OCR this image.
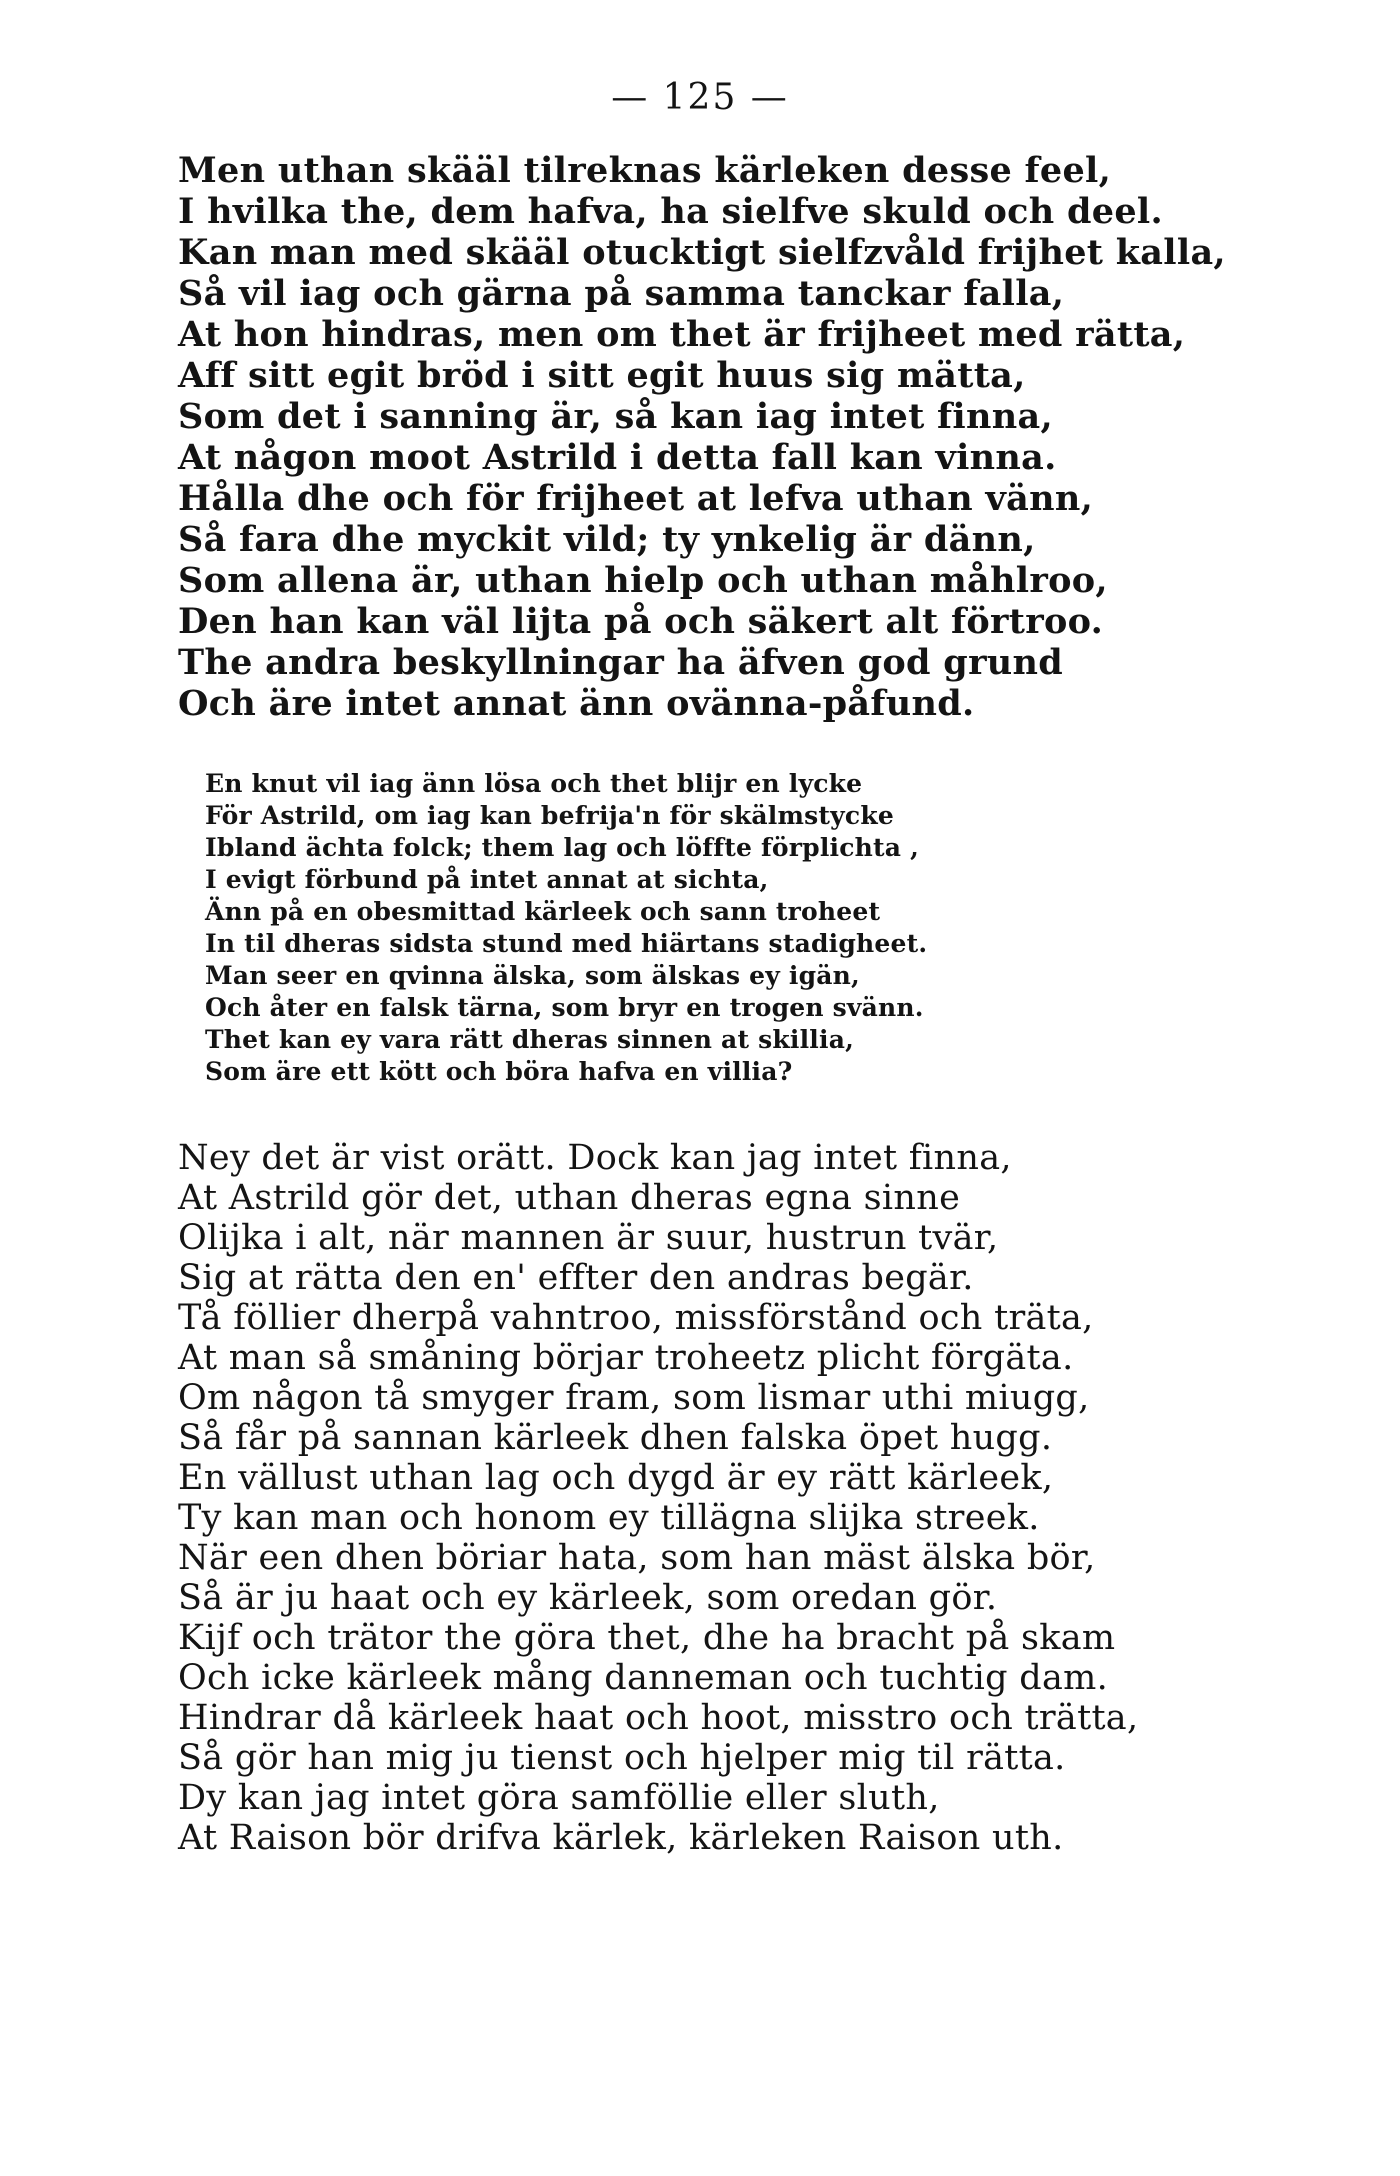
— 125 —
Men uthan skääl tilreknas kärleken desse feel,
I hvilka the, dem hafva, ha sielfve skuld och deel.
Kan man med skääl otucktigt sielfzvåld frijhet kalla,
Så vil iag och gärna på samma tanckar falla,
At hon hindras, men om thet är frijheet med rätta,
Aff sitt egit bröd i sitt egit huus sig mätta,
Som det i sanning är, så kan iag intet finna,
At någon moot Astrild i detta fall kan vinna.
Hålla dhe och för frijheet at lefva uthan vänn,
Så fara dhe myckit vild; ty ynkelig är dänn,
Som allena är, uthan hielp och uthan måhlroo,
Den han kan väl lijta på och säkert alt förtroo.
The andra beskyllningar ha äfven god grund
Och äre intet annat änn ovänna-påfund.
En knut vil iag änn lösa och thet blijr en lycke
För Astrild, om iag kan befrija'n för skälmstycke
Ibland ächta folck; them lag och löffte förplichta ,
I evigt förbund på intet annat at sichta,
Änn på en obesmittad kärleek och sann troheet
In til dheras sidsta stund med hiärtans stadigheet.
Man seer en qvinna älska, som älskas ey igän,
Och åter en falsk tärna, som bryr en trogen svänn.
Thet kan ey vara rätt dheras sinnen at skillia,
Som äre ett kött och böra hafva en villia?
Ney det är vist orätt. Dock kan jag intet finna,
At Astrild gör det, uthan dheras egna sinne
Olijka i alt, när mannen är suur, hustrun tvär,
Sig at rätta den en' effter den andras begär.
Tå föllier dherpå vahntroo, missförstånd och träta,
At man så småning börjar troheetz plicht förgäta.
Om någon tå smyger fram, som lismar uthi miugg,
Så får på sannan kärleek dhen falska öpet hugg.
En vällust uthan lag och dygd är ey rätt kärleek,
Ty kan man och honom ey tillägna slijka streek.
När een dhen böriar hata, som han mäst älska bör,
Så är ju haat och ey kärleek, som oredan gör.
Kijf och trätor the göra thet, dhe ha bracht på skam
Och icke kärleek mång danneman och tuchtig dam.
Hindrar då kärleek haat och hoot, misstro och trätta,
Så gör han mig ju tienst och hjelper mig til rätta.
Dy kan jag intet göra samföllie eller sluth,
At Raison bör drifva kärlek, kärleken Raison uth.
